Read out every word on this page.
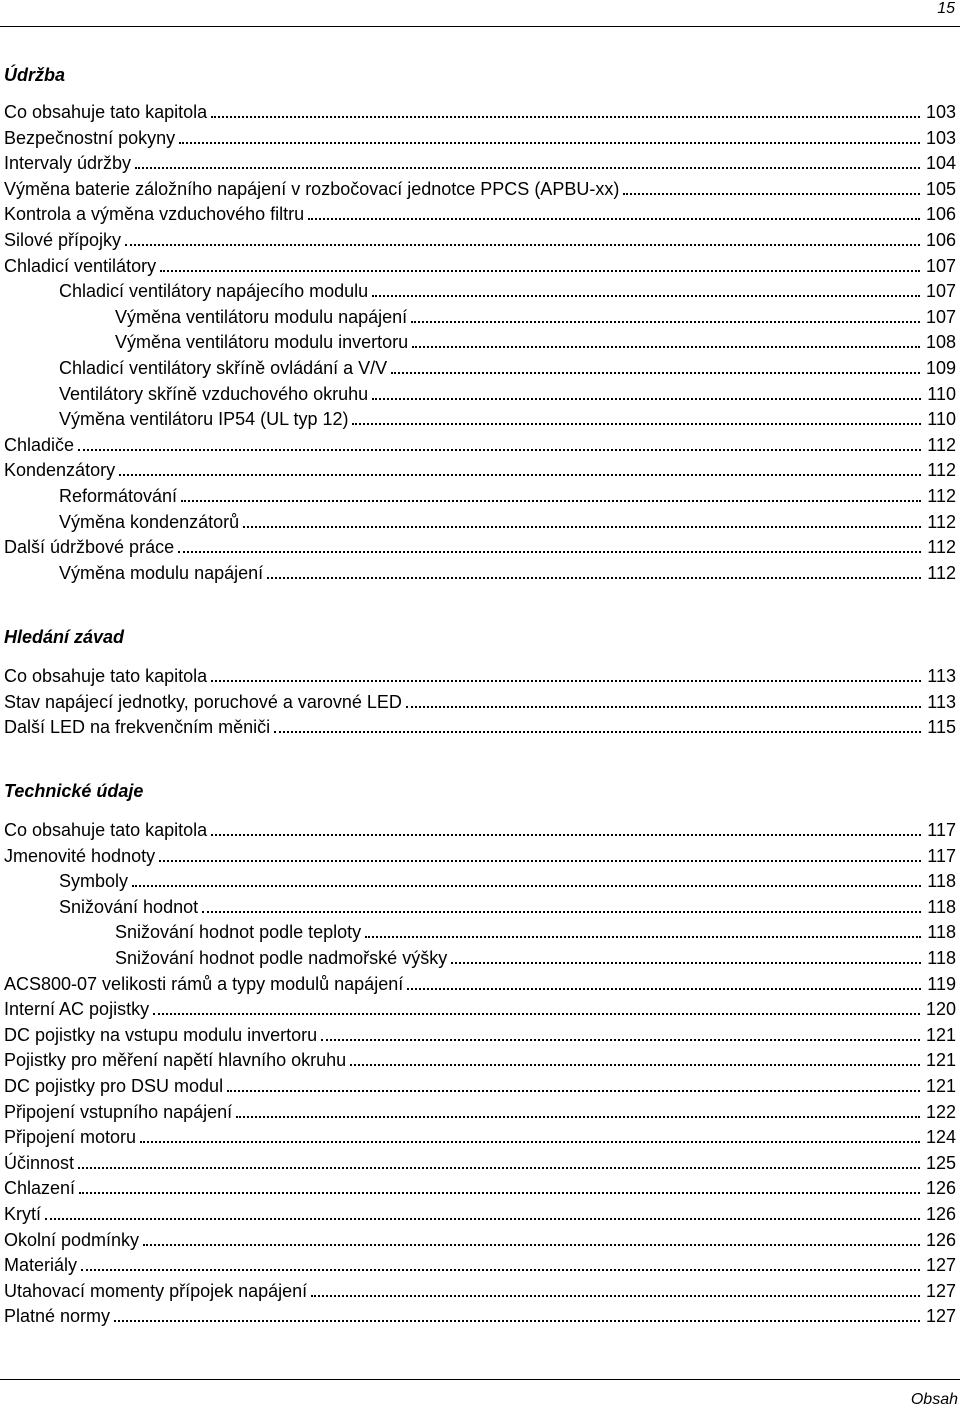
15
Údržba
Co obsahuje tato kapitola	103
Bezpečnostní pokyny	103
Intervaly údržby	104
Výměna baterie záložního napájení v rozbočovací jednotce PPCS (APBU-xx)	105
Kontrola a výměna vzduchového filtru	106
Silové přípojky	106
Chladicí ventilátory	107
Chladicí ventilátory napájecího modulu	107
Výměna ventilátoru modulu napájení	107
Výměna ventilátoru modulu invertoru	108
Chladicí ventilátory skříně ovládání a V/V	109
Ventilátory skříně vzduchového okruhu	110
Výměna ventilátoru IP54 (UL typ 12)	110
Chladiče	112
Kondenzátory	112
Reformátování	112
Výměna kondenzátorů	112
Další údržbové práce	112
Výměna modulu napájení	112
Hledání závad
Co obsahuje tato kapitola	113
Stav napájecí jednotky, poruchové a varovné LED	113
Další LED na frekvenčním měniči	115
Technické údaje
Co obsahuje tato kapitola	117
Jmenovité hodnoty	117
Symboly	118
Snižování hodnot	118
Snižování hodnot podle teploty	118
Snižování hodnot podle nadmořské výšky	118
ACS800-07 velikosti rámů a typy modulů napájení	119
Interní AC pojistky	120
DC pojistky na vstupu modulu invertoru	121
Pojistky pro měření napětí hlavního okruhu	121
DC pojistky pro DSU modul	121
Připojení vstupního napájení	122
Připojení motoru	124
Účinnost	125
Chlazení	126
Krytí	126
Okolní podmínky	126
Materiály	127
Utahovací momenty přípojek napájení	127
Platné normy	127
Obsah
